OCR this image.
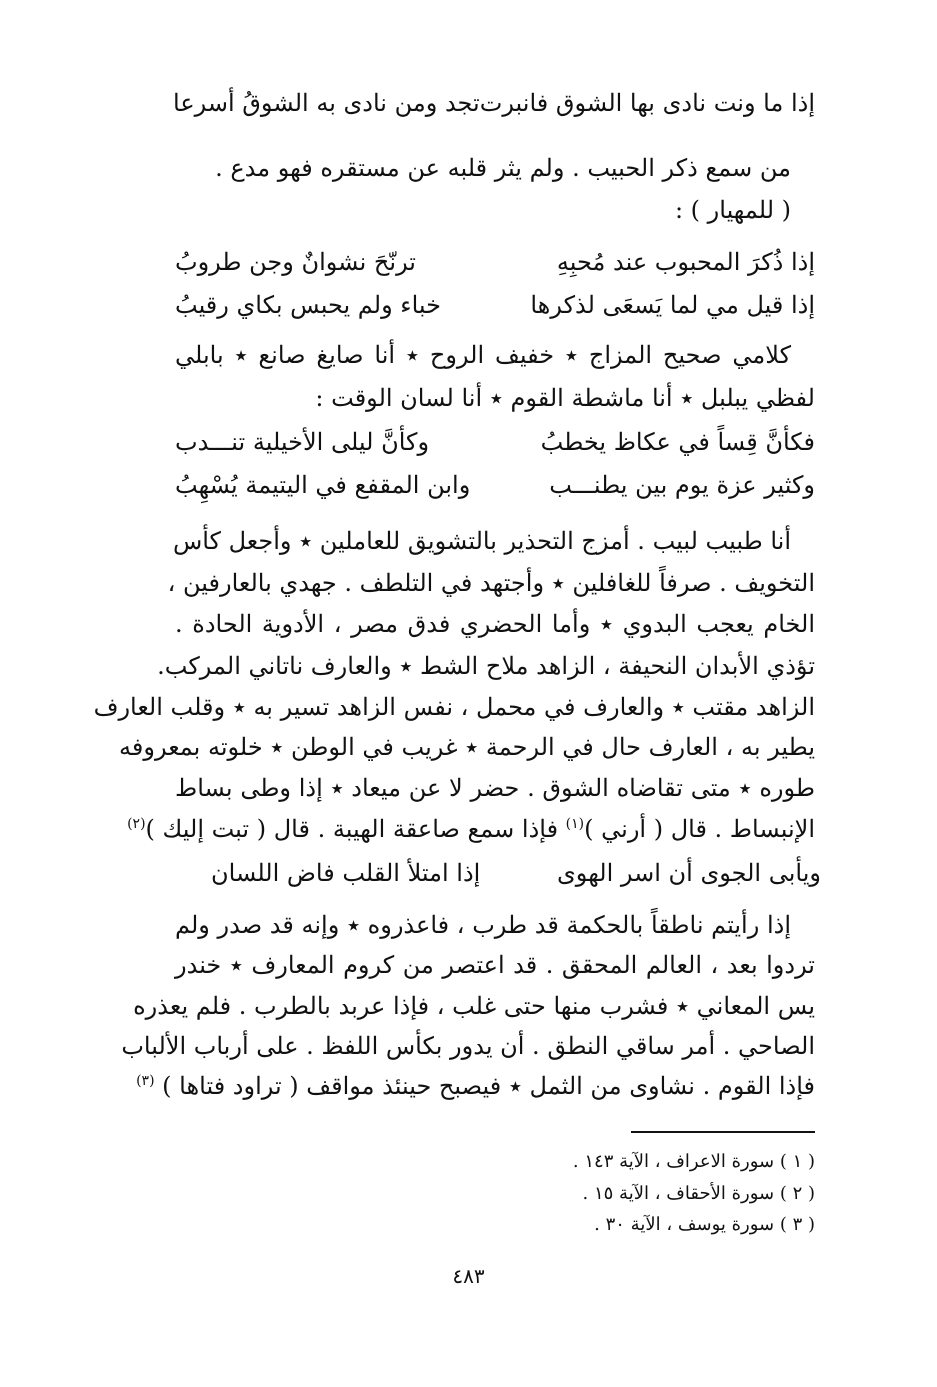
إذا ما ونت نادى بها الشوق فانبرت
تجد ومن نادى به الشوقُ أسرعا
من سمع ذكر الحبيب . ولم يثر قلبه عن مستقره فهو مدع .
( للمهيار ) :
إذا ذُكرَ المحبوب عند مُحبِهِ
ترنّحَ نشوانٌ وجن طروبُ
إذا قيل مي لما يَسعَى لذكرها
خباء ولم يحبس بكاي رقيبُ
كلامي صحيح المزاج ٭ خفيف الروح ٭ أنا صايغ صانع ٭ بابلي
لفظي يبلبل ٭ أنا ماشطة القوم ٭ أنا لسان الوقت :
فكأنَّ قِساً في عكاظ يخطبُ
وكأنَّ ليلى الأخيلية تنـــدب
وكثير عزة يوم بين يطنـــب
وابن المقفع في اليتيمة يُسْهِبُ
أنا طبيب لبيب . أمزج التحذير بالتشويق للعاملين ٭ وأجعل كأس
التخويف . صرفاً للغافلين ٭ وأجتهد في التلطف . جهدي بالعارفين ،
الخام يعجب البدوي ٭ وأما الحضري فدق مصر ، الأدوية الحادة .
تؤذي الأبدان النحيفة ، الزاهد ملاح الشط ٭ والعارف ناتاني المركب.
الزاهد مقتب ٭ والعارف في محمل ، نفس الزاهد تسير به ٭ وقلب العارف
يطير به ، العارف حال في الرحمة ٭ غريب في الوطن ٭ خلوته بمعروفه
طوره ٭ متى تقاضاه الشوق . حضر لا عن ميعاد ٭ إذا وطى بساط
الإنبساط . قال ( أرني )$^{(١)}$ فإذا سمع صاعقة الهيبة . قال ( تبت إليك )$^{(٢)}$
ويأبى الجوى أن اسر الهوى
إذا امتلأ القلب فاض اللسان
إذا رأيتم ناطقاً بالحكمة قد طرب ، فاعذروه ٭ وإنه قد صدر ولم
تردوا بعد ، العالم المحقق . قد اعتصر من كروم المعارف ٭ خندر
يس المعاني ٭ فشرب منها حتى غلب ، فإذا عربد بالطرب . فلم يعذره
الصاحي . أمر ساقي النطق . أن يدور بكأس اللفظ . على أرباب الألباب
فإذا القوم . نشاوى من الثمل ٭ فيصبح حينئذ مواقف ( تراود فتاها ) $^{(٣)}$
( ١ ) سورة الاعراف ، الآية ١٤٣ .
( ٢ ) سورة الأحقاف ، الآية ١٥ .
( ٣ ) سورة يوسف ، الآية ٣٠ .
٤٨٣
